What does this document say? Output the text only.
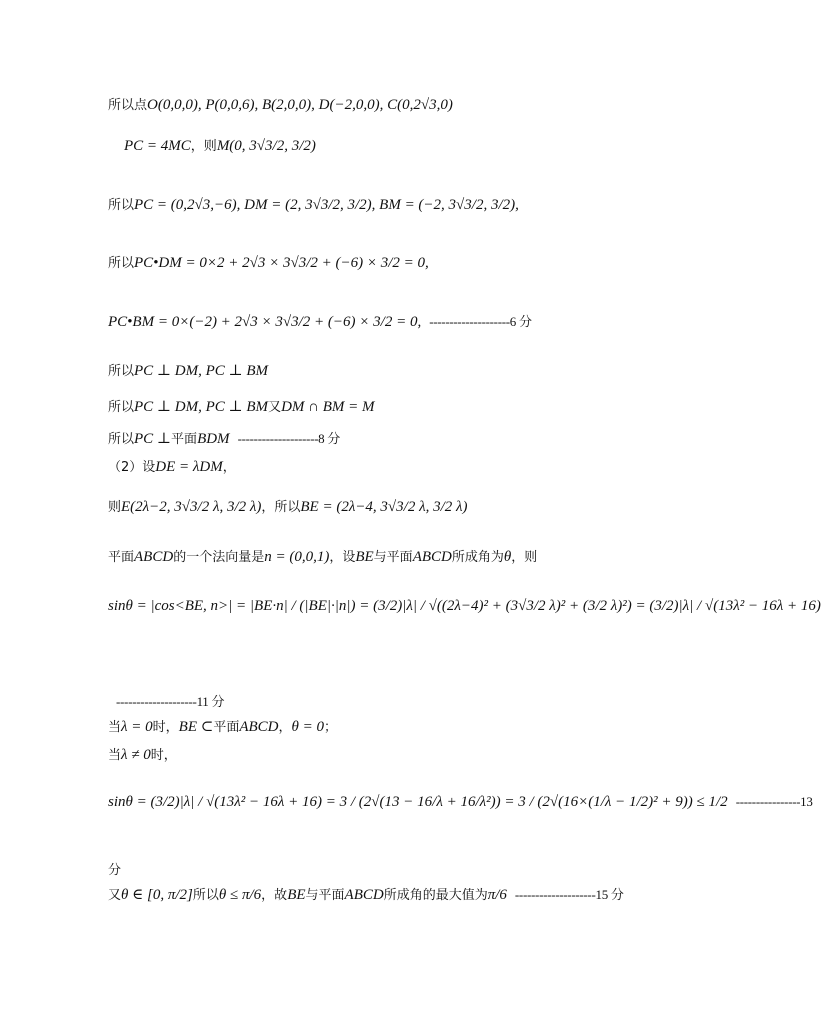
所以点O(0,0,0), P(0,0,6), B(2,0,0), D(−2,0,0), C(0,2√3,0)
PC = 4MC，则M(0, 3√3/2, 3/2)
所以PC = (0,2√3,−6), DM = (2, 3√3/2, 3/2), BM = (−2, 3√3/2, 3/2),
所以PC•DM = 0×2 + 2√3 × 3√3/2 + (−6) × 3/2 = 0,
PC•BM = 0×(−2) + 2√3 × 3√3/2 + (−6) × 3/2 = 0, --------------------6 分
所以PC ⊥ DM, PC ⊥ BM
所以PC ⊥ DM, PC ⊥ BM又DM ∩ BM = M
所以PC ⊥平面BDM --------------------8 分
（2）设DE = λDM，
则E(2λ−2, 3√3/2 λ, 3/2 λ)，所以BE = (2λ−4, 3√3/2 λ, 3/2 λ)
平面ABCD的一个法向量是n = (0,0,1)，设BE与平面ABCD所成角为θ，则
sinθ = |cos<BE, n>| = |BE·n| / (|BE|·|n|) = (3/2)|λ| / √((2λ−4)² + (3√3/2 λ)² + (3/2 λ)²) = (3/2)|λ| / √(13λ² − 16λ + 16)
--------------------11 分
当λ = 0时，BE ⊂平面ABCD，θ = 0；
当λ ≠ 0时，
sinθ = (3/2)|λ| / √(13λ² − 16λ + 16) = 3 / (2√(13 − 16/λ + 16/λ²)) = 3 / (2√(16×(1/λ − 1/2)² + 9)) ≤ 1/2 ----------------13
分
又θ ∈ [0, π/2]所以θ ≤ π/6，故BE与平面ABCD所成角的最大值为π/6 --------------------15 分
